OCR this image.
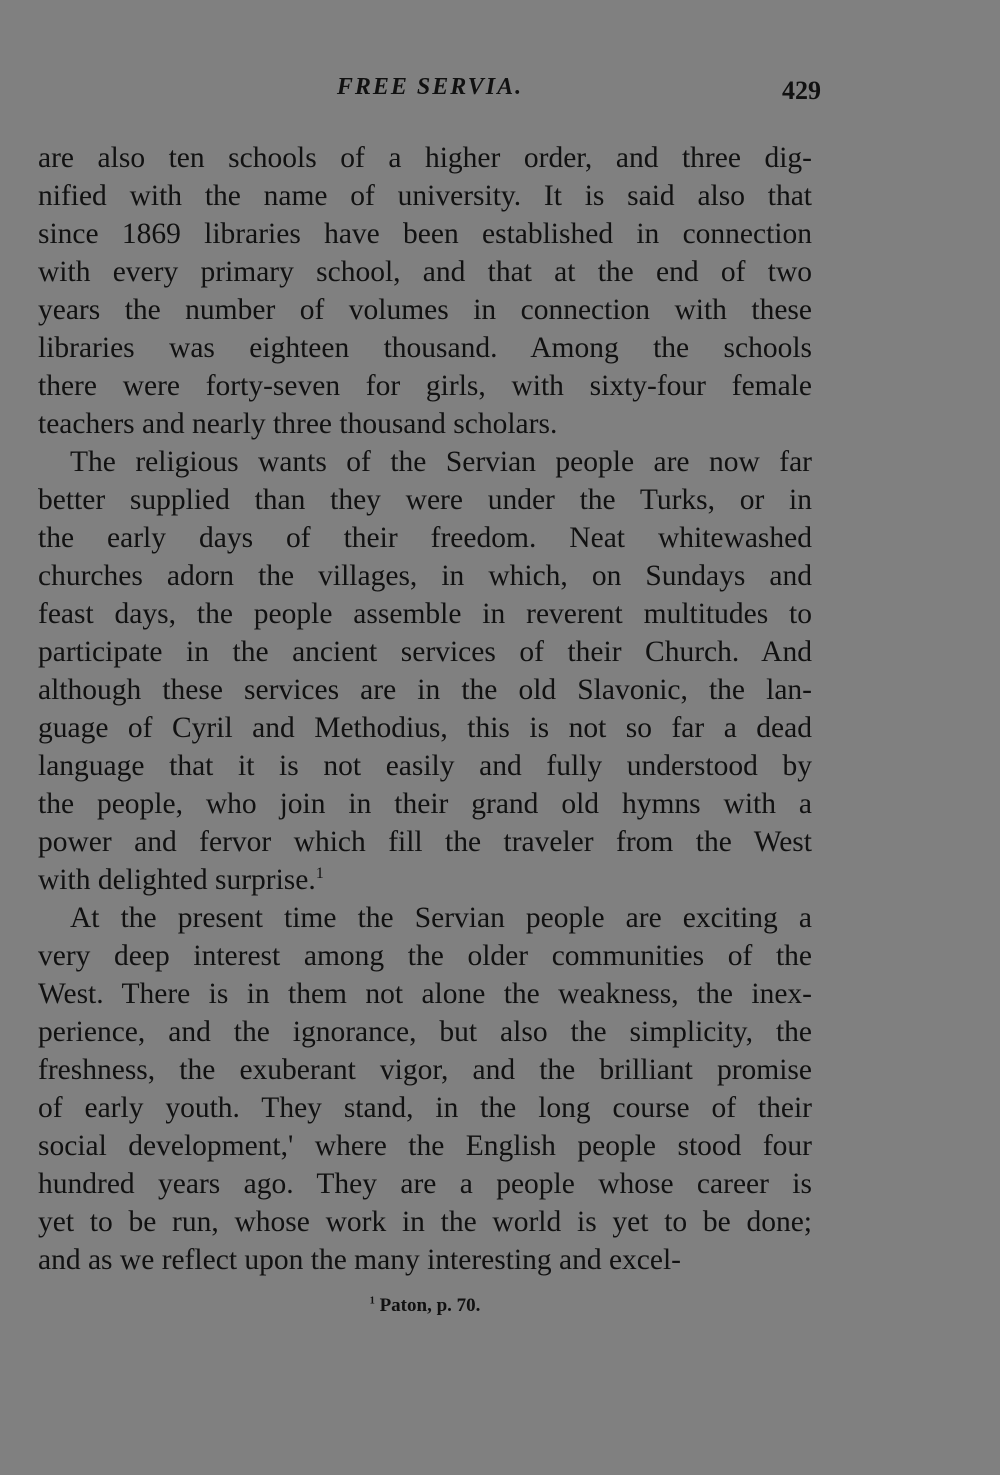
FREE SERVIA.	429
are also ten schools of a higher order, and three dig-
nified with the name of university. It is said also that
since 1869 libraries have been established in connection
with every primary school, and that at the end of two
years the number of volumes in connection with these
libraries was eighteen thousand. Among the schools
there were forty-seven for girls, with sixty-four female
teachers and nearly three thousand scholars.
The religious wants of the Servian people are now far
better supplied than they were under the Turks, or in
the early days of their freedom. Neat whitewashed
churches adorn the villages, in which, on Sundays and
feast days, the people assemble in reverent multitudes to
participate in the ancient services of their Church. And
although these services are in the old Slavonic, the lan-
guage of Cyril and Methodius, this is not so far a dead
language that it is not easily and fully understood by
the people, who join in their grand old hymns with a
power and fervor which fill the traveler from the West
with delighted surprise.$^1$
At the present time the Servian people are exciting a
very deep interest among the older communities of the
West. There is in them not alone the weakness, the inex-
perience, and the ignorance, but also the simplicity, the
freshness, the exuberant vigor, and the brilliant promise
of early youth. They stand, in the long course of their
social development,' where the English people stood four
hundred years ago. They are a people whose career is
yet to be run, whose work in the world is yet to be done;
and as we reflect upon the many interesting and excel-
$^1$ Paton, p. 70.
